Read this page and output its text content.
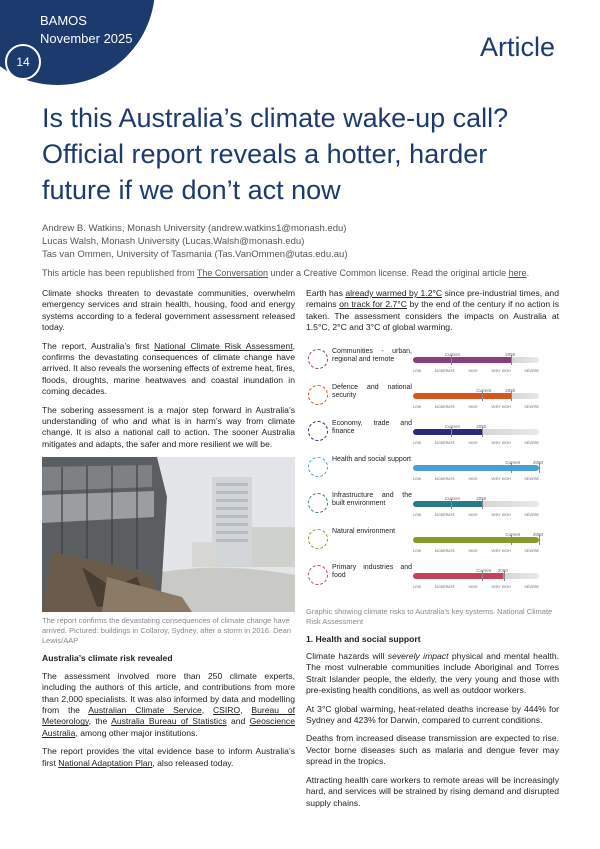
BAMOS
November 2025
14	Article
Is this Australia’s climate wake-up call? Official report reveals a hotter, harder future if we don’t act now
Andrew B. Watkins, Monash University (andrew.watkins1@monash.edu)
Lucas Walsh, Monash University (Lucas.Walsh@monash.edu)
Tas van Ommen, University of Tasmania (Tas.VanOmmen@utas.edu.au)
This article has been republished from The Conversation under a Creative Common license. Read the original article here.

Climate shocks threaten to devastate communities, overwhelm emergency services and strain health, housing, food and energy systems according to a federal government assessment released today.

The report, Australia’s first National Climate Risk Assessment, confirms the devastating consequences of climate change have arrived. It also reveals the worsening effects of extreme heat, fires, floods, droughts, marine heatwaves and coastal inundation in coming decades.

The sobering assessment is a major step forward in Australia’s understanding of who and what is in harm’s way from climate change. It is also a national call to action. The sooner Australia mitigates and adapts, the safer and more resilient we will be.

The report confirms the devastating consequences of climate change have arrived. Pictured: buildings in Collaroy, Sydney, after a storm in 2016. Dean Lewis/AAP

Australia’s climate risk revealed

The assessment involved more than 250 climate experts, including the authors of this article, and contributions from more than 2,000 specialists. It was also informed by data and modelling from the Australian Climate Service, CSIRO, Bureau of Meteorology, the Australia Bureau of Statistics and Geoscience Australia, among other major institutions.

The report provides the vital evidence base to inform Australia’s first National Adaptation Plan, also released today.

Earth has already warmed by 1.2°C since pre-industrial times, and remains on track for 2.7°C by the end of the century if no action is taken. The assessment considers the impacts on Australia at 1.5°C, 2°C and 3°C of global warming.

Communities - urban, regional and remote
Current	2050
LOW	MODERATE	HIGH	VERY HIGH	SEVERE
Defence and national security
Current	2050
LOW	MODERATE	HIGH	VERY HIGH	SEVERE
Economy, trade and finance
Current	2050
LOW	MODERATE	HIGH	VERY HIGH	SEVERE
Health and social support	Current	2050
LOW	MODERATE	HIGH	VERY HIGH	SEVERE
Infrastructure and the built environment
Current	2050
LOW	MODERATE	HIGH	VERY HIGH	SEVERE
Natural environment	Current	2050
LOW	MODERATE	HIGH	VERY HIGH	SEVERE
Primary industries and food
Current 2050
LOW	MODERATE	HIGH	VERY HIGH	SEVERE

Graphic showing climate risks to Australia’s key systems. National Climate Risk Assessment

1. Health and social support

Climate hazards will severely impact physical and mental health. The most vulnerable communities include Aboriginal and Torres Strait Islander people, the elderly, the very young and those with pre-existing health conditions, as well as outdoor workers.

At 3°C global warming, heat-related deaths increase by 444% for Sydney and 423% for Darwin, compared to current conditions.

Deaths from increased disease transmission are expected to rise. Vector borne diseases such as malaria and dengue fever may spread in the tropics.

Attracting health care workers to remote areas will be increasingly hard, and services will be strained by rising demand and disrupted supply chains.
